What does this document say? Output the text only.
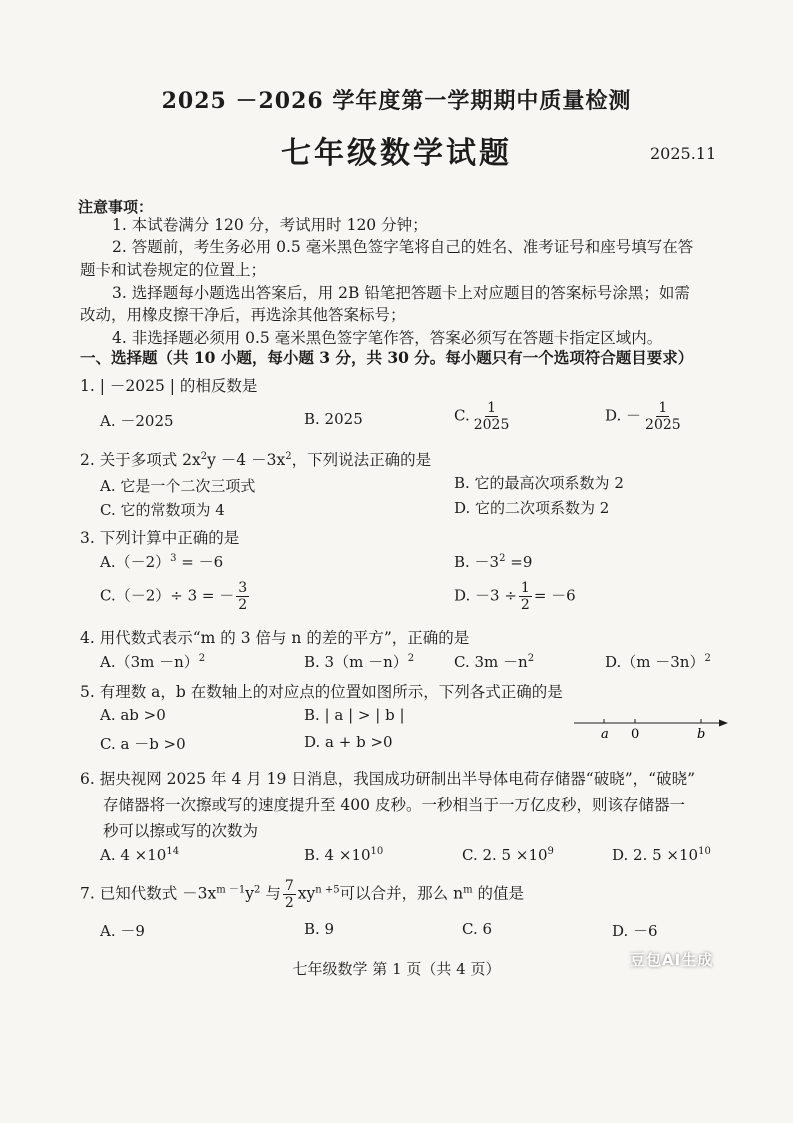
2025 －2026 学年度第一学期期中质量检测
七年级数学试题	2025.11
注意事项：
1. 本试卷满分 120 分，考试用时 120 分钟；
2. 答题前，考生务必用 0.5 毫米黑色签字笔将自己的姓名、准考证号和座号填写在答
题卡和试卷规定的位置上；
3. 选择题每小题选出答案后，用 2B 铅笔把答题卡上对应题目的答案标号涂黑；如需
改动，用橡皮擦干净后，再选涂其他答案标号；
4. 非选择题必须用 0.5 毫米黑色签字笔作答，答案必须写在答题卡指定区域内。
一、选择题（共 10 小题，每小题 3 分，共 30 分。每小题只有一个选项符合题目要求）
1. | －2025 | 的相反数是
A. －2025	B. 2025	C. $\frac{1}{2025}$	D. － $\frac{1}{2025}$
2. 关于多项式 $2x^2y -4 -3x^2$，下列说法正确的是
A. 它是一个二次三项式	B. 它的最高次项系数为 2
C. 它的常数项为 4	D. 它的二次项系数为 2
3. 下列计算中正确的是
$A.(-2)^3 = -6$	B. $-3^2 =9$
C.（－2）÷ 3 = － $\frac{3}{2}$	D. $-3 \div \frac{1}{2} = -6$
4. 用代数式表示“m 的 3 倍与 n 的差的平方”，正确的是
$A.(3m -n)^2$	B. $3(m -n)^2$	C. $3m -n^2$	$D.(m -3n)^2$
5. 有理数 a，b 在数轴上的对应点的位置如图所示，下列各式正确的是
A. ab >0	B. | a | > | b |
C. a －b >0	D. a + b >0	a 0	b
6. 据央视网 2025 年 4 月 19 日消息，我国成功研制出半导体电荷存储器“破晓”，“破晓”
存储器将一次擦或写的速度提升至 400 皮秒。一秒相当于一万亿皮秒，则该存储器一
秒可以擦或写的次数为
A. $4 \times 10^{14}$	B. $4 \times 10^{10}$	C. 2. $5 \times 10^9$	D. 2. $5 \times 10^{10}$
7. 已知代数式 $-3x^{m -1}y^2$ 与 $\frac{7}{2} xy^{n +5}$可以合并，那么 $n^m$ 的值是
A. －9	B. 9	C. 6	D. －6
七年级数学 第 1 页（共 4 页）	豆包AI生成
